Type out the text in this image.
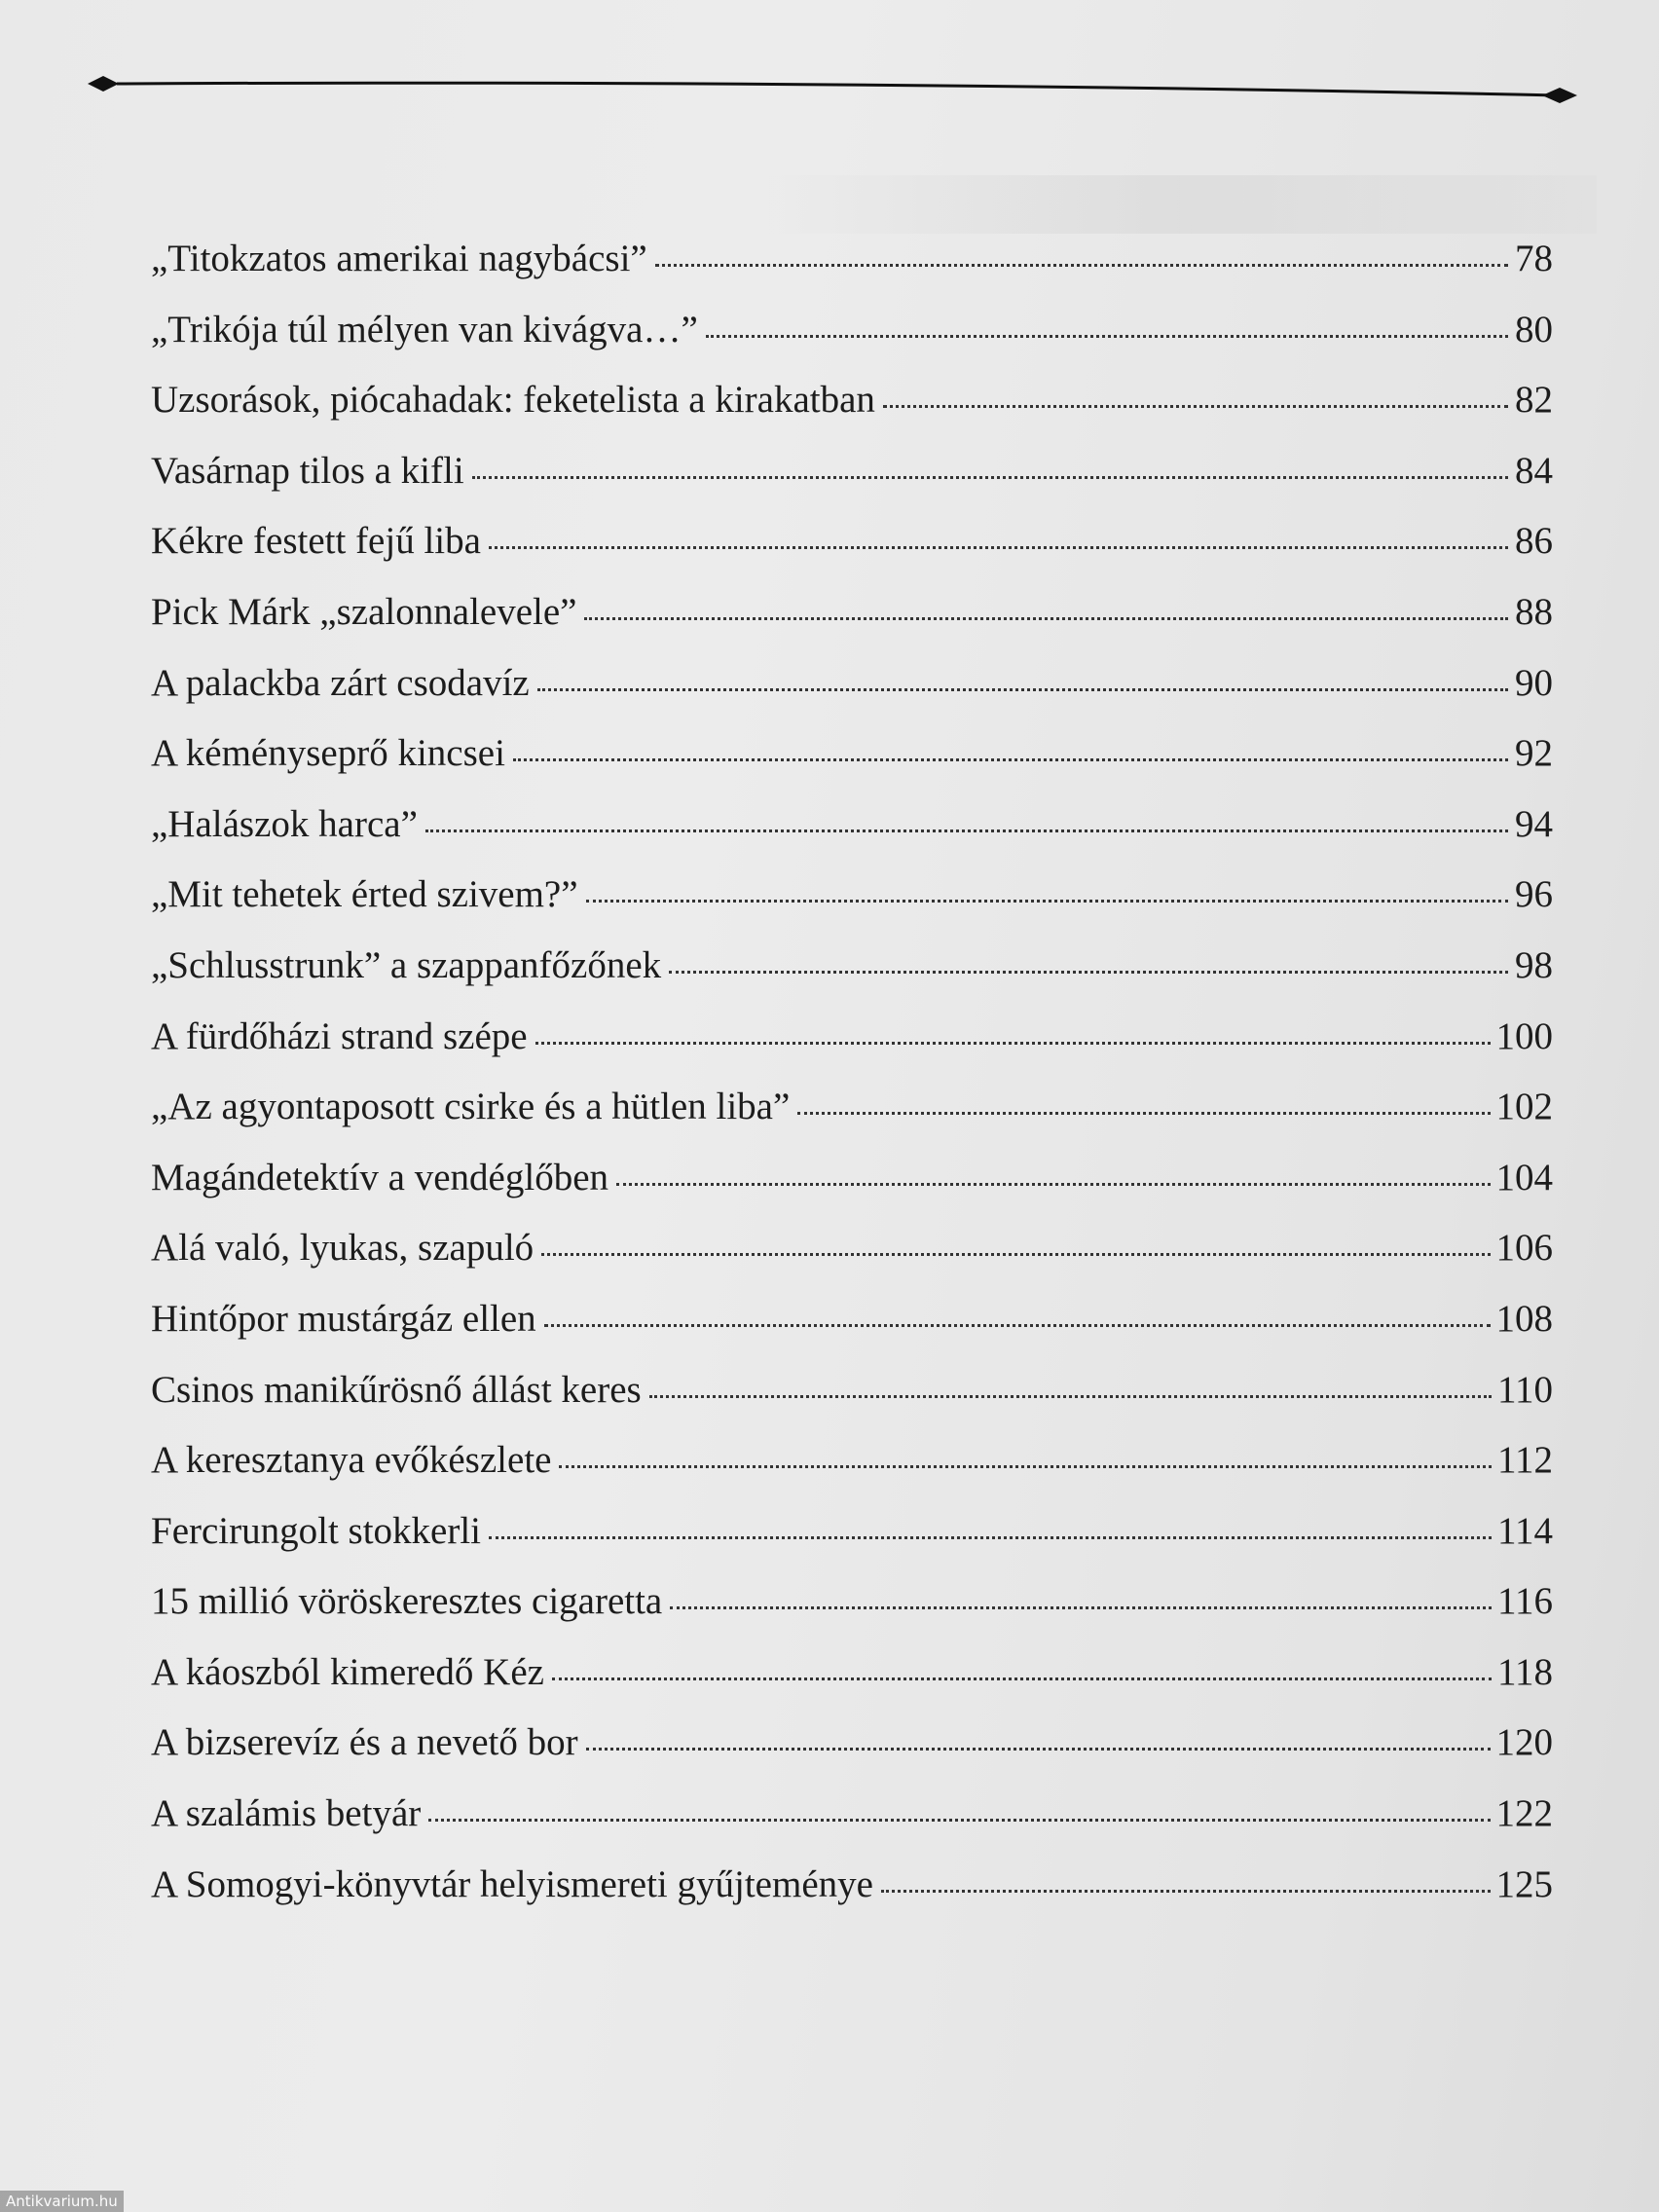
„Titokzatos amerikai nagybácsi”	78
„Trikója túl mélyen van kivágva…”	80
Uzsorások, piócahadak: feketelista a kirakatban	82
Vasárnap tilos a kifli	84
Kékre festett fejű liba	86
Pick Márk „szalonnalevele”	88
A palackba zárt csodavíz	90
A kéményseprő kincsei	92
„Halászok harca”	94
„Mit tehetek érted szivem?”	96
„Schlusstrunk” a szappanfőzőnek	98
A fürdőházi strand szépe	100
„Az agyontaposott csirke és a hütlen liba”	102
Magándetektív a vendéglőben	104
Alá való, lyukas, szapuló	106
Hintőpor mustárgáz ellen	108
Csinos manikűrösnő állást keres	110
A keresztanya evőkészlete	112
Fercirungolt stokkerli	114
15 millió vöröskeresztes cigaretta	116
A káoszból kimeredő Kéz	118
A bizserevíz és a nevető bor	120
A szalámis betyár	122
A Somogyi-könyvtár helyismereti gyűjteménye	125
Antikvarium.hu
